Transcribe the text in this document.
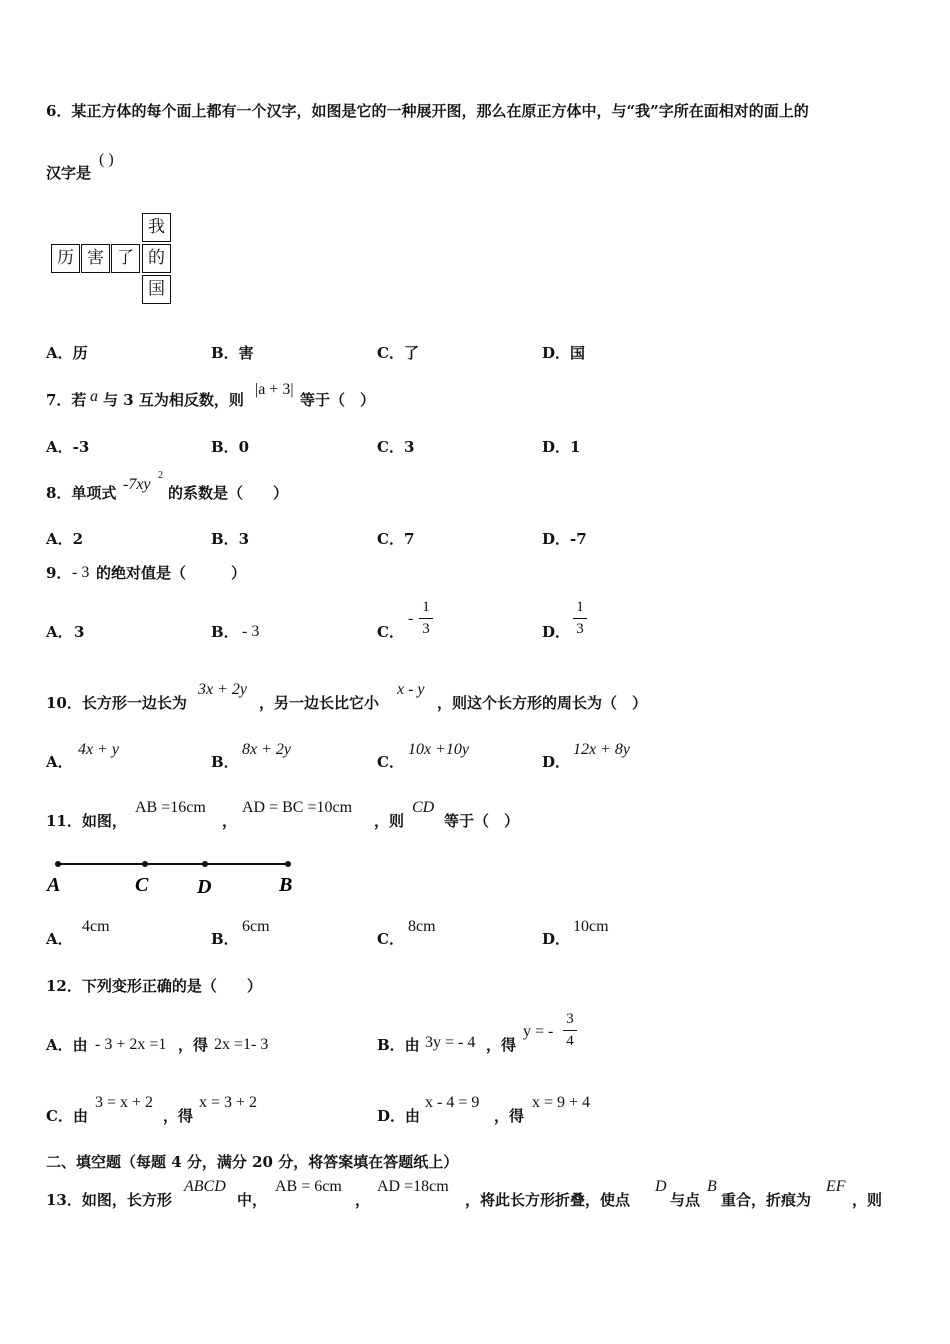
6．某正方体的每个面上都有一个汉字，如图是它的一种展开图，那么在原正方体中，与“我”字所在面相对的面上的
汉字是
( )
我
历 害 了 的
国
A．历	B．害	C．了	D．国
7．若 a 与 3 互为相反数，则
|a + 3|
等于（　）
A．-3	B．0	C．3	D．1
8．单项式 -7xy
2
的系数是（　　）
A．2	B．3	C．7	D．-7
9． - 3 的绝对值是（　　　）
A． 3	B． - 3	C．
-
1
3	D．
1
3
10．长方形一边长为
3x + 2y
，另一边长比它小
x - y
，则这个长方形的周长为（　）
A．
4x + y
B．
8x + 2y
C．
10x +10y
D．
12x + 8y
11．如图，
AB =16cm
，
AD = BC =10cm
，则
CD
等于（　）
A	C D	B
A．
4cm
B．
6cm
C．
8cm
D．
10cm
12．下列变形正确的是（　　）
A．由 - 3 + 2x =1 ，得 2x =1- 3	B．由 3y = - 4 ，得
y = -
3
4
C．由
3 = x + 2
，得
x = 3 + 2
D．由
x - 4 = 9
，得
x = 9 + 4
二、填空题（每题 4 分，满分 20 分，将答案填在答题纸上）
13．如图，长方形
ABCD
中，
AB = 6cm
，
AD =18cm
，将此长方形折叠，使点
D
与点
B
重合，折痕为
EF
，则
